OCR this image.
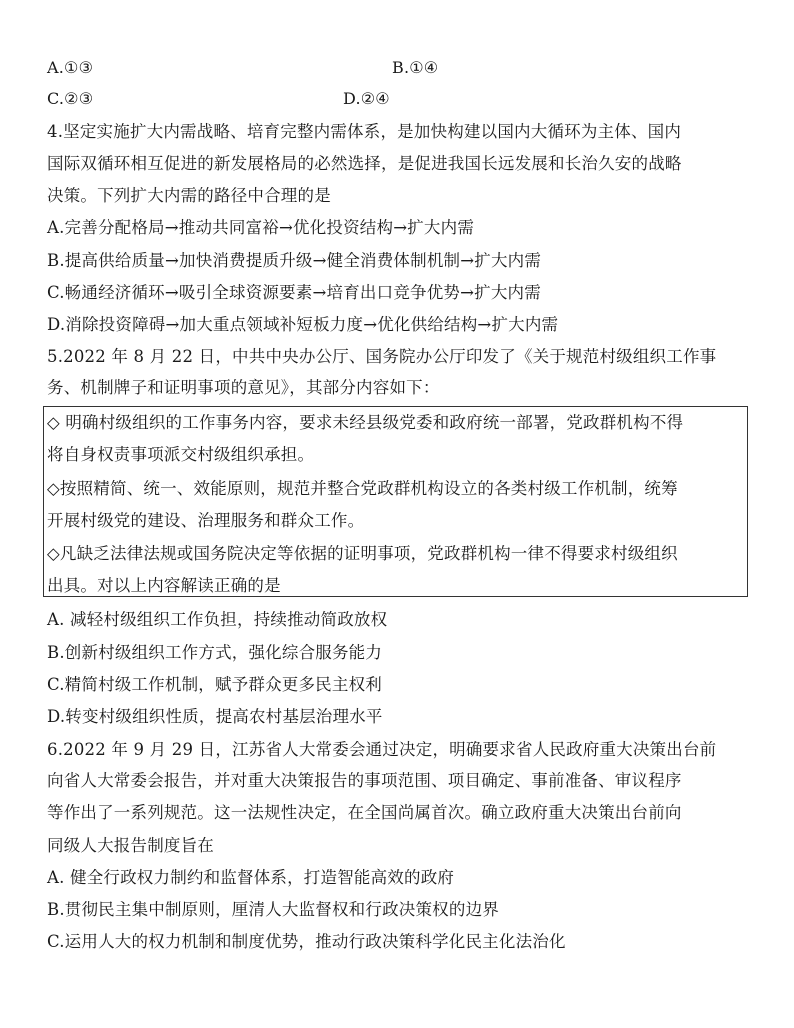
A.①③	B.①④
C.②③	D.②④
4.坚定实施扩大内需战略、培育完整内需体系，是加快构建以国内大循环为主体、国内
国际双循环相互促进的新发展格局的必然选择，是促进我国长远发展和长治久安的战略
决策。下列扩大内需的路径中合理的是
A.完善分配格局→推动共同富裕→优化投资结构→扩大内需
B.提高供给质量→加快消费提质升级→健全消费体制机制→扩大内需
C.畅通经济循环→吸引全球资源要素→培育出口竞争优势→扩大内需
D.消除投资障碍→加大重点领域补短板力度→优化供给结构→扩大内需
5.2022 年 8 月 22 日，中共中央办公厅、国务院办公厅印发了《关于规范村级组织工作事
务、机制牌子和证明事项的意见》，其部分内容如下：
◇ 明确村级组织的工作事务内容，要求未经县级党委和政府统一部署，党政群机构不得
将自身权责事项派交村级组织承担。
◇按照精简、统一、效能原则，规范并整合党政群机构设立的各类村级工作机制，统筹
开展村级党的建设、治理服务和群众工作。
◇凡缺乏法律法规或国务院决定等依据的证明事项，党政群机构一律不得要求村级组织
出具。对以上内容解读正确的是
A. 减轻村级组织工作负担，持续推动简政放权
B.创新村级组织工作方式，强化综合服务能力
C.精简村级工作机制，赋予群众更多民主权利
D.转变村级组织性质，提高农村基层治理水平
6.2022 年 9 月 29 日，江苏省人大常委会通过决定，明确要求省人民政府重大决策出台前
向省人大常委会报告，并对重大决策报告的事项范围、项目确定、事前准备、审议程序
等作出了一系列规范。这一法规性决定，在全国尚属首次。确立政府重大决策出台前向
同级人大报告制度旨在
A. 健全行政权力制约和监督体系，打造智能高效的政府
B.贯彻民主集中制原则，厘清人大监督权和行政决策权的边界
C.运用人大的权力机制和制度优势，推动行政决策科学化民主化法治化
